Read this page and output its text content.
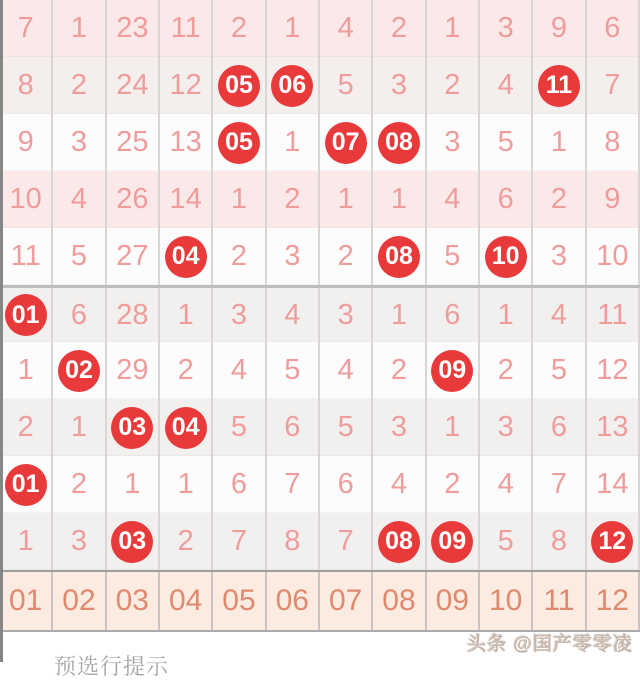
7 1 23 11 2 1 4 2 1 3 9 6
8 2 24 12 05 06 5 3 2 4	11 7
9 3 25 13 05 1 07 08 3 5 1 8
10 4 26 14 1 2 1 1 4 6 2 9
11 5 27 04 2 3 2 08 5 10 3 10
01 6 28 1 3 4 3 1 6 1 4 11
1 02 29 2 4 5 4 2 09 2 5 12
2 1 03 04 5 6 5 3 1 3 6 13
01 2 1 1 6 7 6 4 2 4 7 14
1 3 03 2 7 8 7 08 09 5 8 12
01 02 03 04 05 06 07 08 09 10 11 12
预选行提示
头条 @国产零零凌
